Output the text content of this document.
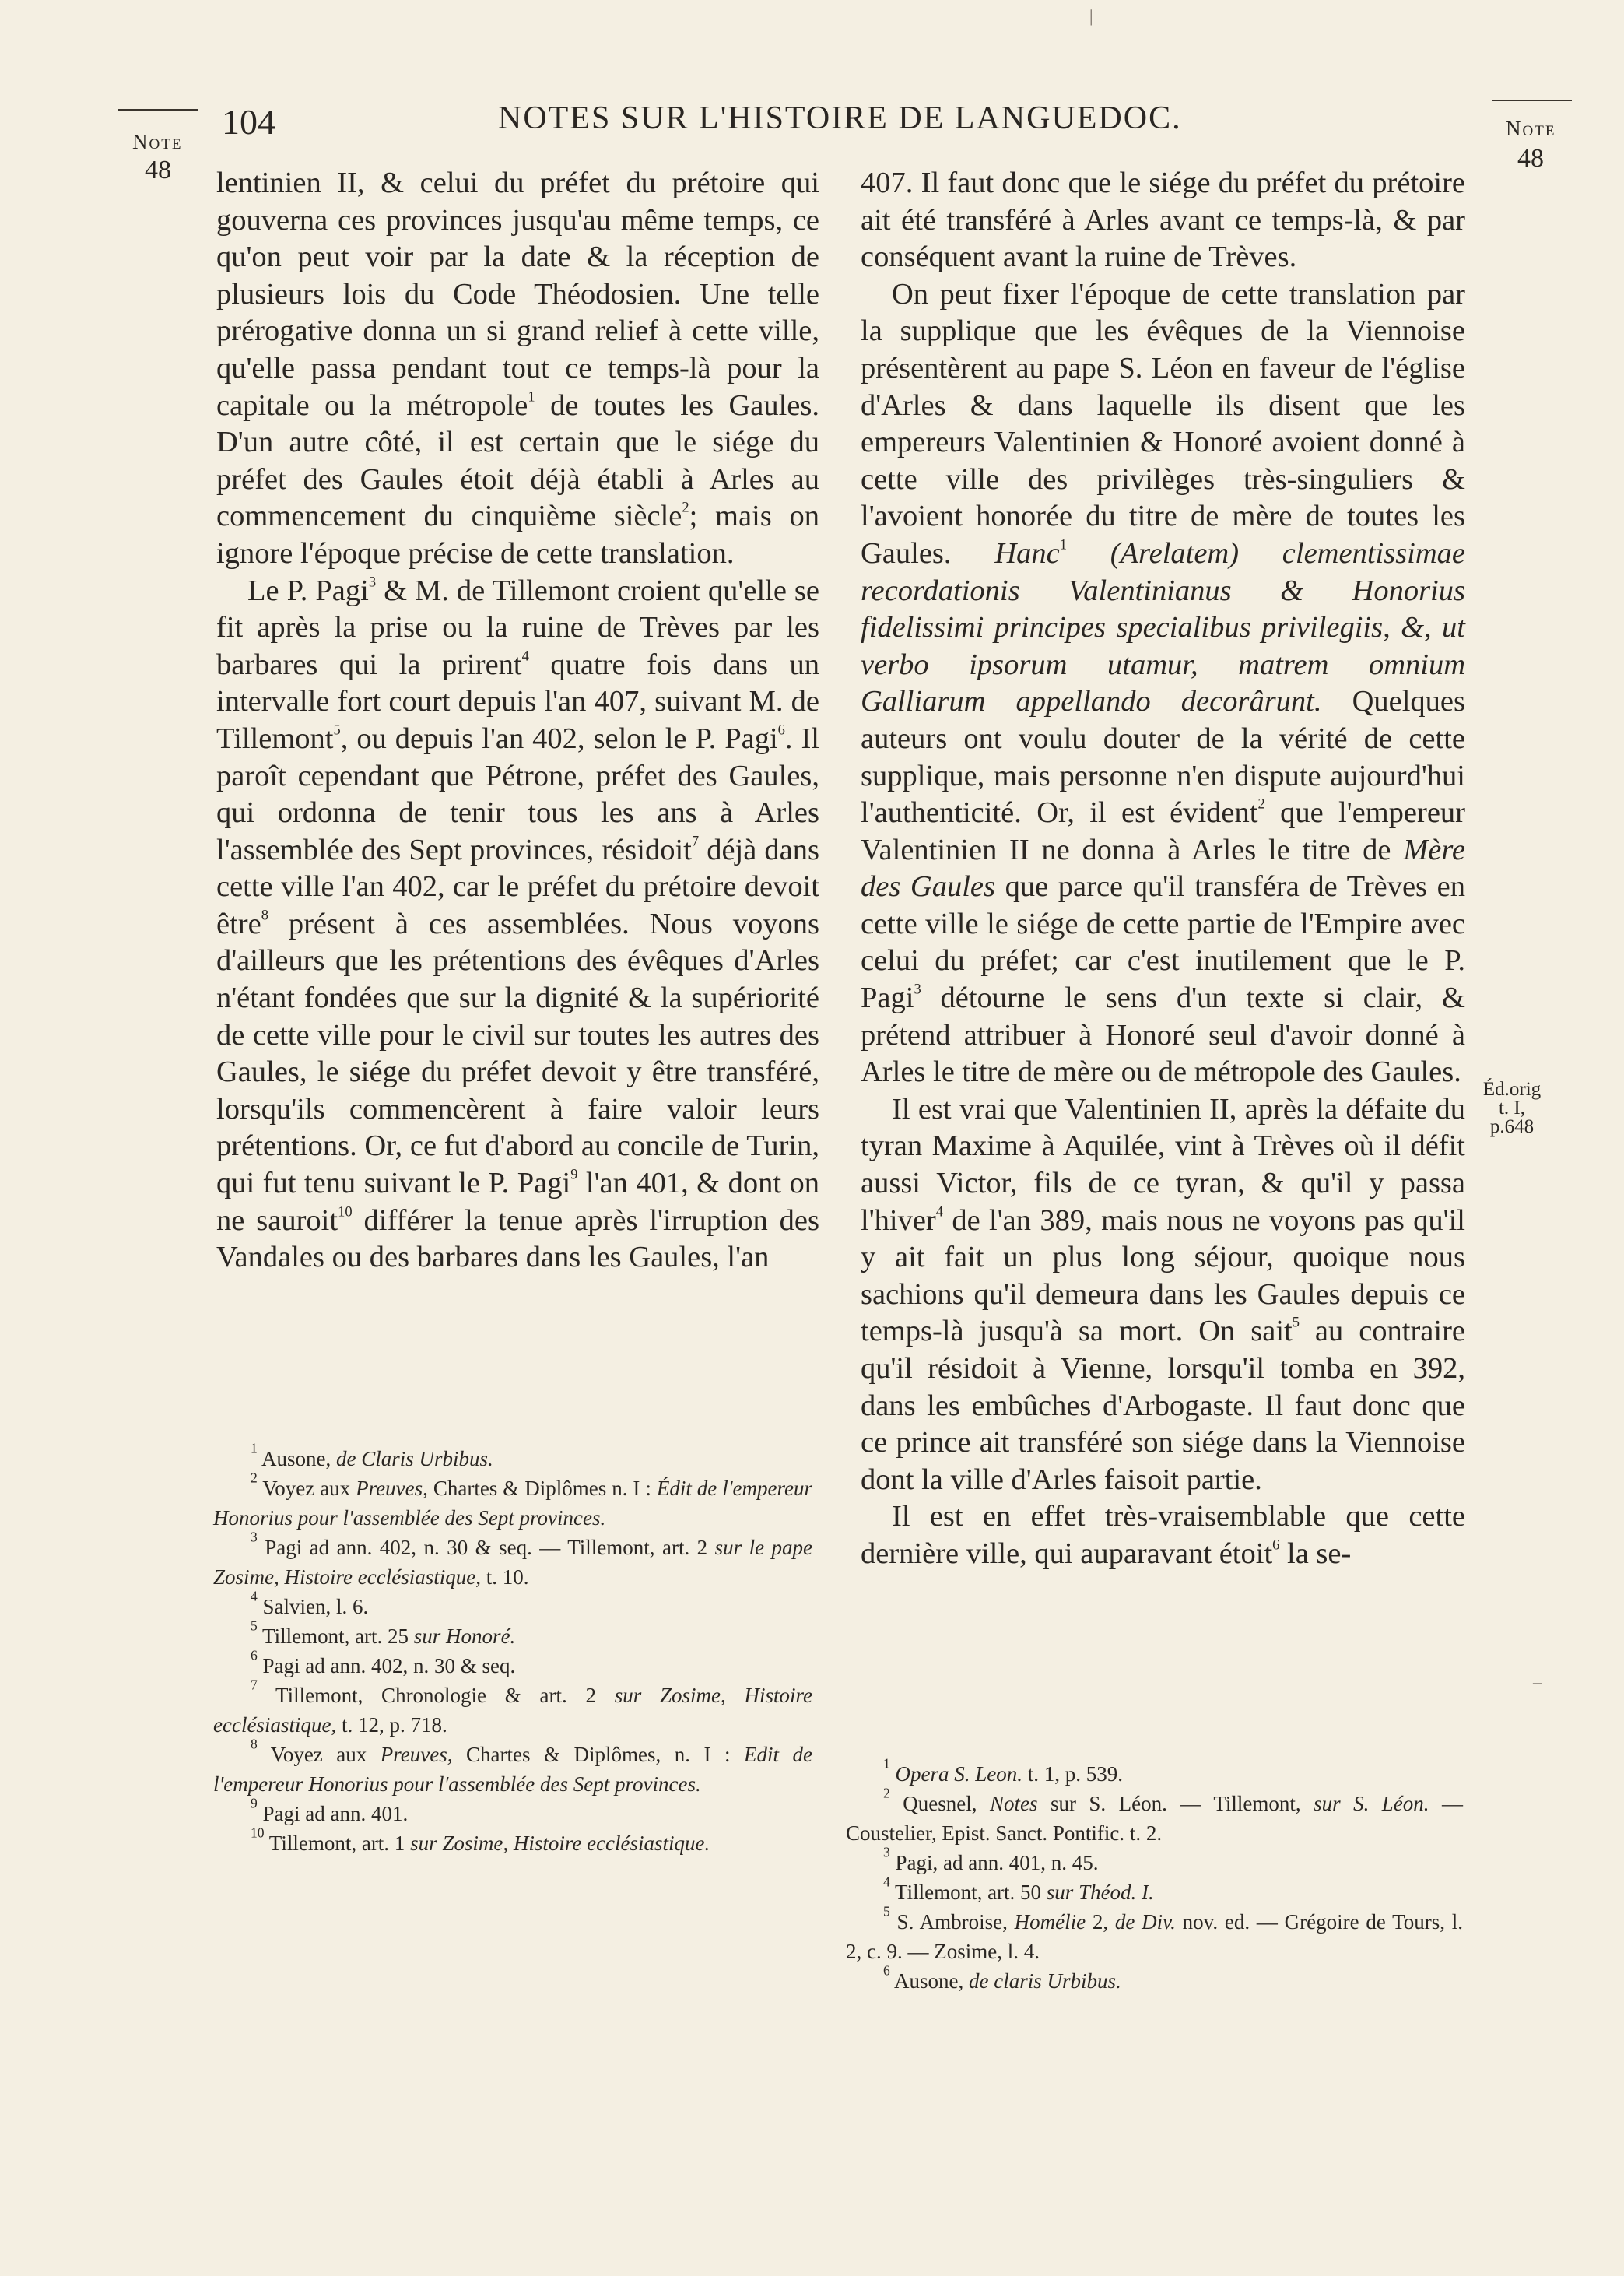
Note
48
104	NOTES SUR L'HISTOIRE DE LANGUEDOC.	Note
48

lentinien II, & celui du préfet du prétoire qui gouverna ces provinces jusqu'au même temps, ce qu'on peut voir par la date & la réception de plusieurs lois du Code Théodosien. Une telle prérogative donna un si grand relief à cette ville, qu'elle passa pendant tout ce temps-là pour la capitale ou la métropole$^1$ de toutes les Gaules. D'un autre côté, il est certain que le siége du préfet des Gaules étoit déjà établi à Arles au commencement du cinquième siècle$^2$; mais on ignore l'époque précise de cette translation.

Le P. Pagi$^3$ & M. de Tillemont croient qu'elle se fit après la prise ou la ruine de Trèves par les barbares qui la prirent$^4$ quatre fois dans un intervalle fort court depuis l'an 407, suivant M. de Tillemont$^5$, ou depuis l'an 402, selon le P. Pagi$^6$. Il paroît cependant que Pétrone, préfet des Gaules, qui ordonna de tenir tous les ans à Arles l'assemblée des Sept provinces, résidoit$^7$ déjà dans cette ville l'an 402, car le préfet du prétoire devoit être$^8$ présent à ces assemblées. Nous voyons d'ailleurs que les prétentions des évêques d'Arles n'étant fondées que sur la dignité & la supériorité de cette ville pour le civil sur toutes les autres des Gaules, le siége du préfet devoit y être transféré, lorsqu'ils commencèrent à faire valoir leurs prétentions. Or, ce fut d'abord au concile de Turin, qui fut tenu suivant le P. Pagi$^9$ l'an 401, & dont on ne sauroit$^{10}$ différer la tenue après l'irruption des Vandales ou des barbares dans les Gaules, l'an

407. Il faut donc que le siége du préfet du prétoire ait été transféré à Arles avant ce temps-là, & par conséquent avant la ruine de Trèves.

On peut fixer l'époque de cette translation par la supplique que les évêques de la Viennoise présentèrent au pape S. Léon en faveur de l'église d'Arles & dans laquelle ils disent que les empereurs Valentinien & Honoré avoient donné à cette ville des privilèges très-singuliers & l'avoient honorée du titre de mère de toutes les Gaules. Hanc$^1$ (Arelatem) clementissimae recordationis Valentinianus & Honorius fidelissimi principes specialibus privilegiis, &, ut verbo ipsorum utamur, matrem omnium Galliarum appellando decorârunt. Quelques auteurs ont voulu douter de la vérité de cette supplique, mais personne n'en dispute aujourd'hui l'authenticité. Or, il est évident$^2$ que l'empereur Valentinien II ne donna à Arles le titre de Mère des Gaules que parce qu'il transféra de Trèves en cette ville le siége de cette partie de l'Empire avec celui du préfet; car c'est inutilement que le P. Pagi$^3$ détourne le sens d'un texte si clair, & prétend attribuer à Honoré seul d'avoir donné à Arles le titre de mère ou de métropole des Gaules.

Il est vrai que Valentinien II, après la défaite du tyran Maxime à Aquilée, vint à Trèves où il défit aussi Victor, fils de ce tyran, & qu'il y passa l'hiver$^4$ de l'an 389, mais nous ne voyons pas qu'il y ait fait un plus long séjour, quoique nous sachions qu'il demeura dans les Gaules depuis ce temps-là jusqu'à sa mort. On sait$^5$ au contraire qu'il résidoit à Vienne, lorsqu'il tomba en 392, dans les embûches d'Arbogaste. Il faut donc que ce prince ait transféré son siége dans la Viennoise dont la ville d'Arles faisoit partie.

Il est en effet très-vraisemblable que cette dernière ville, qui auparavant étoit$^6$ la se-

Éd.orig
t. I,
p.648
|
–

$^1$ Ausone, de Claris Urbibus.

$^2$ Voyez aux Preuves, Chartes & Diplômes n. I : Édit de l'empereur Honorius pour l'assemblée des Sept provinces.

$^3$ Pagi ad ann. 402, n. 30 & seq. — Tillemont, art. 2 sur le pape Zosime, Histoire ecclésiastique, t. 10.

$^4$ Salvien, l. 6.

$^5$ Tillemont, art. 25 sur Honoré.

$^6$ Pagi ad ann. 402, n. 30 & seq.

$^7$ Tillemont, Chronologie & art. 2 sur Zosime, Histoire ecclésiastique, t. 12, p. 718.

$^8$ Voyez aux Preuves, Chartes & Diplômes, n. I : Edit de l'empereur Honorius pour l'assemblée des Sept provinces.

$^9$ Pagi ad ann. 401.

$^{10}$ Tillemont, art. 1 sur Zosime, Histoire ecclésiastique.

$^1$ Opera S. Leon. t. 1, p. 539.

$^2$ Quesnel, Notes sur S. Léon. — Tillemont, sur S. Léon. — Coustelier, Epist. Sanct. Pontific. t. 2.

$^3$ Pagi, ad ann. 401, n. 45.

$^4$ Tillemont, art. 50 sur Théod. I.

$^5$ S. Ambroise, Homélie 2, de Div. nov. ed. — Grégoire de Tours, l. 2, c. 9. — Zosime, l. 4.

$^6$ Ausone, de claris Urbibus.
